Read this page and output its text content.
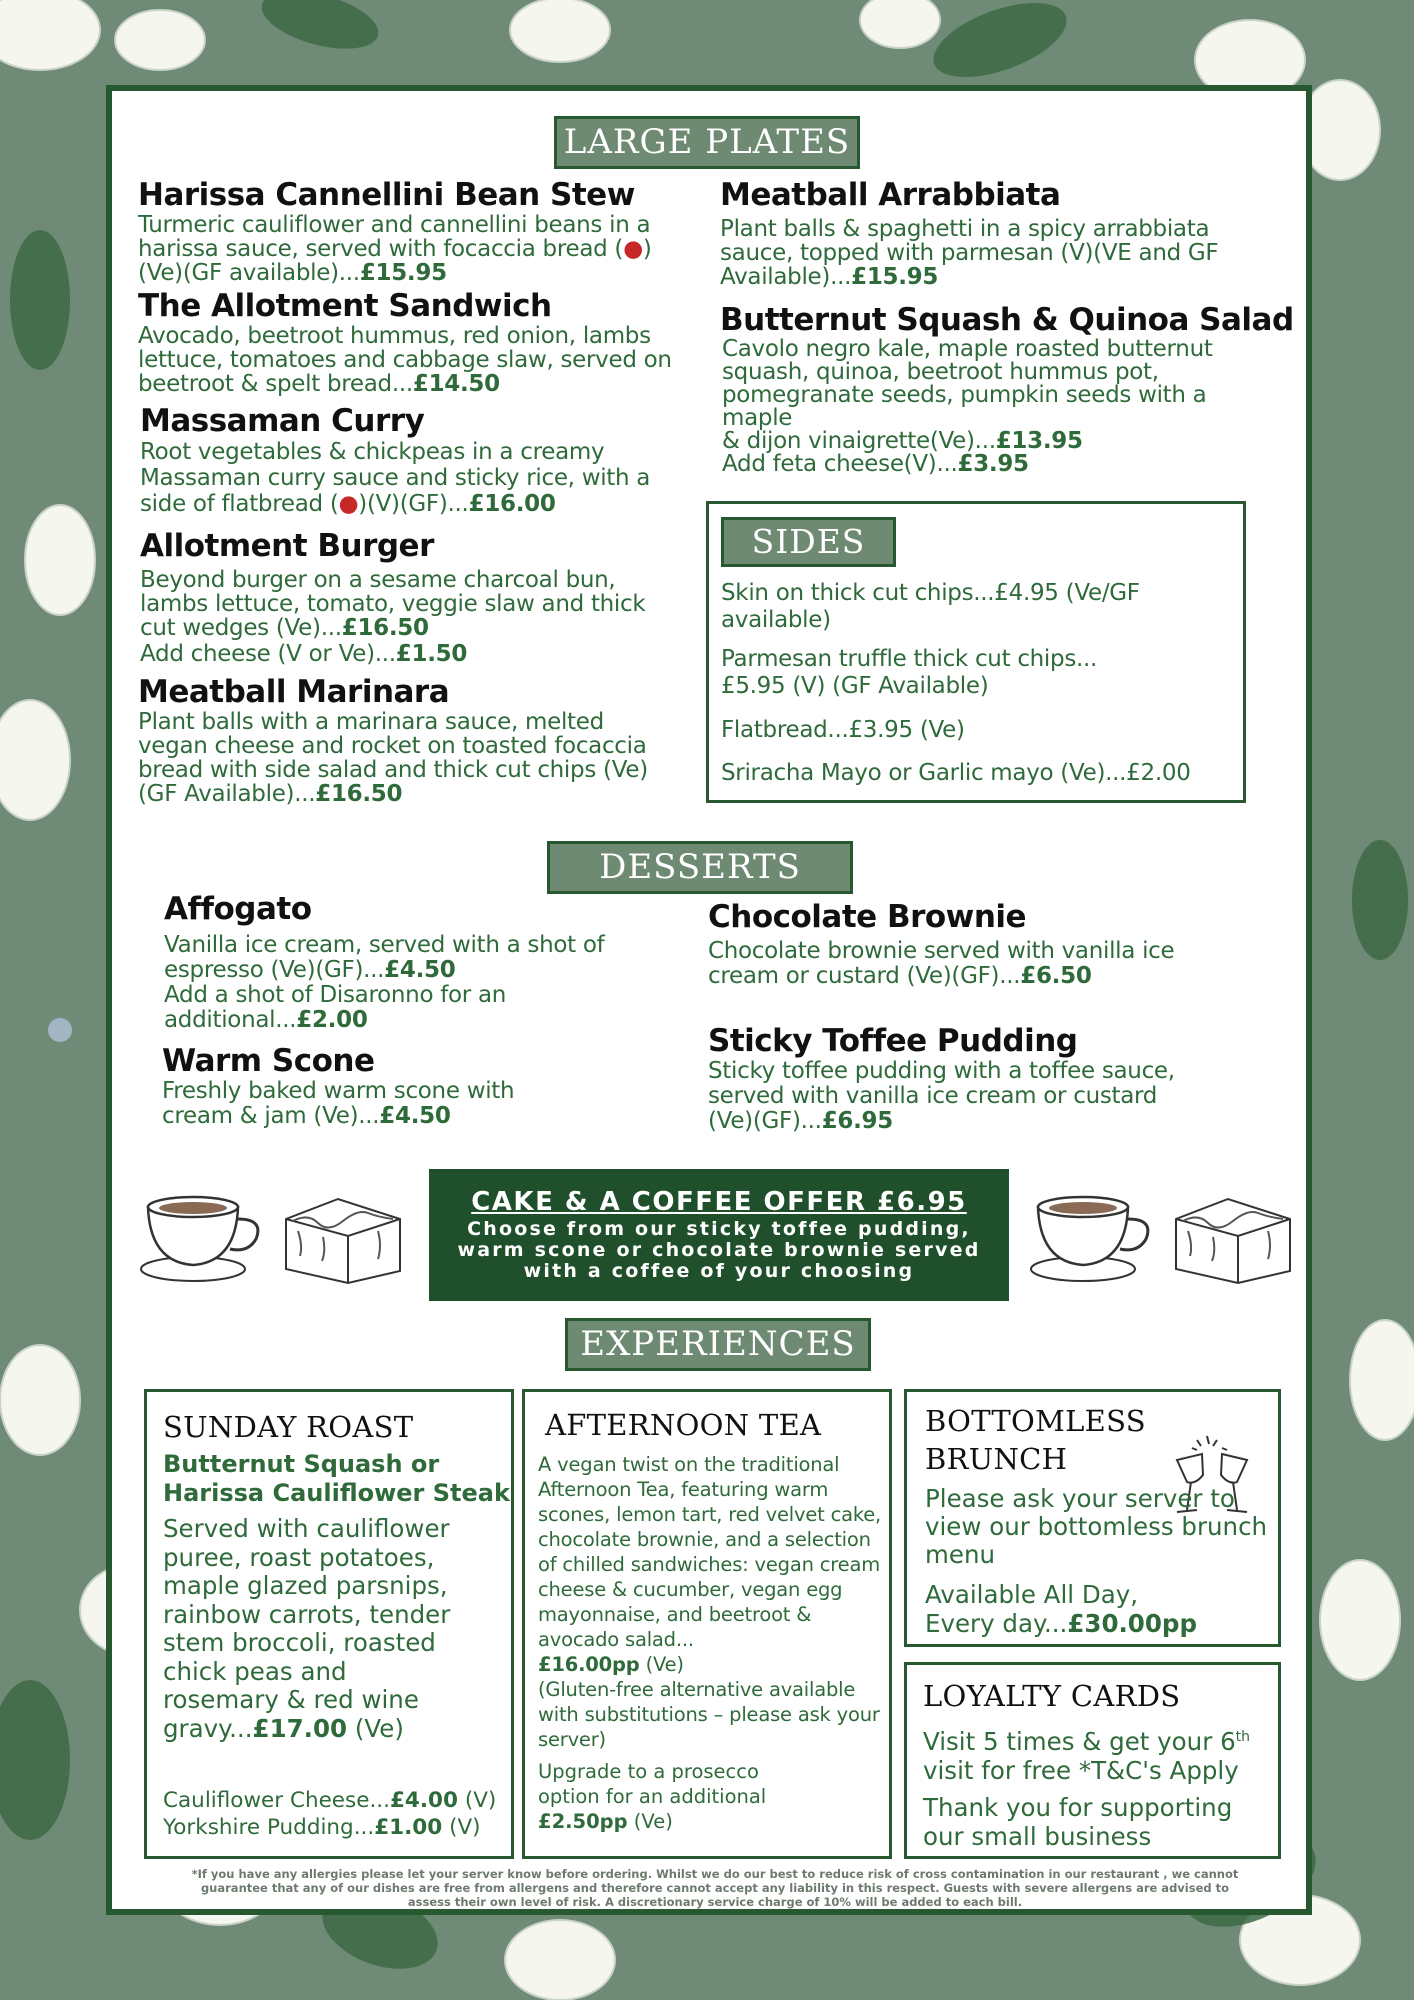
LARGE PLATES
Harissa Cannellini Bean Stew
Turmeric cauliflower and cannellini beans in a harissa sauce, served with focaccia bread (●) (Ve)(GF available)...£15.95
The Allotment Sandwich
Avocado, beetroot hummus, red onion, lambs lettuce, tomatoes and cabbage slaw, served on beetroot & spelt bread...£14.50
Massaman Curry
Root vegetables & chickpeas in a creamy Massaman curry sauce and sticky rice, with a side of flatbread (●)(V)(GF)...£16.00
Allotment Burger
Beyond burger on a sesame charcoal bun, lambs lettuce, tomato, veggie slaw and thick cut wedges (Ve)...£16.50
Add cheese (V or Ve)...£1.50
Meatball Marinara
Plant balls with a marinara sauce, melted vegan cheese and rocket on toasted focaccia bread with side salad and thick cut chips (Ve)(GF Available)...£16.50
Meatball Arrabbiata
Plant balls & spaghetti in a spicy arrabbiata sauce, topped with parmesan (V)(VE and GF Available)...£15.95
Butternut Squash & Quinoa Salad
Cavolo negro kale, maple roasted butternut squash, quinoa, beetroot hummus pot, pomegranate seeds, pumpkin seeds with a maple
& dijon vinaigrette(Ve)...£13.95
Add feta cheese(V)...£3.95
SIDES
Skin on thick cut chips...£4.95 (Ve/GF available)
Parmesan truffle thick cut chips... £5.95 (V) (GF Available)
Flatbread...£3.95 (Ve)
Sriracha Mayo or Garlic mayo (Ve)...£2.00
DESSERTS
Affogato
Vanilla ice cream, served with a shot of espresso (Ve)(GF)...£4.50
Add a shot of Disaronno for an additional...£2.00
Warm Scone
Freshly baked warm scone with cream & jam (Ve)...£4.50
Chocolate Brownie
Chocolate brownie served with vanilla ice cream or custard (Ve)(GF)...£6.50
Sticky Toffee Pudding
Sticky toffee pudding with a toffee sauce, served with vanilla ice cream or custard (Ve)(GF)...£6.95
CAKE & A COFFEE OFFER £6.95
Choose from our sticky toffee pudding,
warm scone or chocolate brownie served
with a coffee of your choosing
EXPERIENCES
SUNDAY ROAST
Butternut Squash or
Harissa Cauliflower Steak
Served with cauliflower puree, roast potatoes, maple glazed parsnips, rainbow carrots, tender stem broccoli, roasted chick peas and rosemary & red wine gravy...£17.00 (Ve)
Cauliflower Cheese...£4.00 (V)
Yorkshire Pudding...£1.00 (V)
AFTERNOON TEA
A vegan twist on the traditional Afternoon Tea, featuring warm scones, lemon tart, red velvet cake, chocolate brownie, and a selection of chilled sandwiches: vegan cream cheese & cucumber, vegan egg mayonnaise, and beetroot & avocado salad...
£16.00pp (Ve)
(Gluten-free alternative available with substitutions – please ask your server)
Upgrade to a prosecco option for an additional £2.50pp (Ve)
BOTTOMLESS
BRUNCH
Please ask your server to view our bottomless brunch menu
Available All Day,
Every day...£30.00pp
LOYALTY CARDS
Visit 5 times & get your 6th
visit for free *T&C's Apply
Thank you for supporting our small business
*If you have any allergies please let your server know before ordering. Whilst we do our best to reduce risk of cross contamination in our restaurant , we cannot guarantee that any of our dishes are free from allergens and therefore cannot accept any liability in this respect. Guests with severe allergens are advised to assess their own level of risk. A discretionary service charge of 10% will be added to each bill.
